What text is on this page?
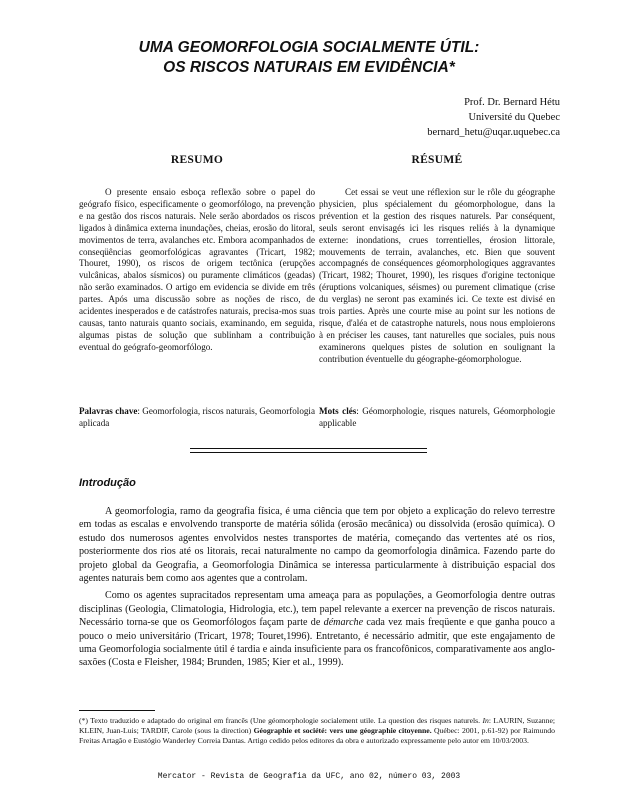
UMA GEOMORFOLOGIA SOCIALMENTE ÚTIL:
OS RISCOS NATURAIS EM EVIDÊNCIA*
Prof. Dr. Bernard Hétu
Université du Quebec
bernard_hetu@uqar.uquebec.ca
RESUMO

O presente ensaio esboça reflexão sobre o papel do geógrafo físico, especificamente o geomorfólogo, na prevenção e na gestão dos riscos naturais. Nele serão abordados os riscos ligados à dinâmica externa inundações, cheias, erosão do litoral, movimentos de terra, avalanches etc. Embora acompanhados de conseqüências geomorfológicas agravantes (Tricart, 1982; Thouret, 1990), os riscos de origem tectônica (erupções vulcânicas, abalos sísmicos) ou puramente climáticos (geadas) não serão examinados. O artigo em evidencia se divide em três partes. Após uma discussão sobre as noções de risco, de acidentes inesperados e de catástrofes naturais, precisa-mos suas causas, tanto naturais quanto sociais, examinando, em seguida, algumas pistas de solução que sublinham a contribuição eventual do geógrafo-geomorfólogo.

Palavras chave: Geomorfologia, riscos naturais, Geomorfologia aplicada
RÉSUMÉ

Cet essai se veut une réflexion sur le rôle du géographe physicien, plus spécialement du géomorphologue, dans la prévention et la gestion des risques naturels. Par conséquent, seuls seront envisagés ici les risques reliés à la dynamique externe: inondations, crues torrentielles, érosion littorale, mouvements de terrain, avalanches, etc. Bien que souvent accompagnés de conséquences géomorphologiques aggravantes (Tricart, 1982; Thouret, 1990), les risques d'origine tectonique (éruptions volcaniques, séismes) ou purement climatique (crise du verglas) ne seront pas examinés ici. Ce texte est divisé en trois parties. Après une courte mise au point sur les notions de risque, d'aléa et de catastrophe naturels, nous nous emploierons à en préciser les causes, tant naturelles que sociales, puis nous examinerons quelques pistes de solution en soulignant la contribution éventuelle du géographe-géomorphologue.

Mots clés: Géomorphologie, risques naturels, Géomorphologie applicable
Introdução

A geomorfologia, ramo da geografia física, é uma ciência que tem por objeto a explicação do relevo terrestre em todas as escalas e envolvendo transporte de matéria sólida (erosão mecânica) ou dissolvida (erosão química). O estudo dos numerosos agentes envolvidos nestes transportes de matéria, começando das vertentes até os rios, posteriormente dos rios até os litorais, recai naturalmente no campo da geomorfologia dinâmica. Fazendo parte do projeto global da Geografia, a Geomorfologia Dinâmica se interessa particularmente à distribuição espacial dos agentes naturais bem como aos agentes que a controlam.

Como os agentes supracitados representam uma ameaça para as populações, a Geomorfologia dentre outras disciplinas (Geologia, Climatologia, Hidrologia, etc.), tem papel relevante a exercer na prevenção de riscos naturais. Necessário torna-se que os Geomorfólogos façam parte de démarche cada vez mais freqüente e que ganha pouco a pouco o meio universitário (Tricart, 1978; Touret,1996). Entretanto, é necessário admitir, que este engajamento de uma Geomorfologia socialmente útil é tardia e ainda insuficiente para os francofônicos, comparativamente aos anglo-saxões (Costa e Fleisher, 1984; Brunden, 1985; Kier et al., 1999).

(*) Texto traduzido e adaptado do original em francês (Une géomorphologie socialement utile. La question des risques naturels. In: LAURIN, Suzanne; KLEIN, Juan-Luis; TARDIF, Carole (sous la direction) Géographie et société: vers une géographie citoyenne. Québec: 2001, p.61-92) por Raimundo Freitas Artagão e Eustógio Wanderley Correia Dantas. Artigo cedido pelos editores da obra e autorizado expressamente pelo autor em 10/03/2003.
Mercator - Revista de Geografia da UFC, ano 02, número 03, 2003
